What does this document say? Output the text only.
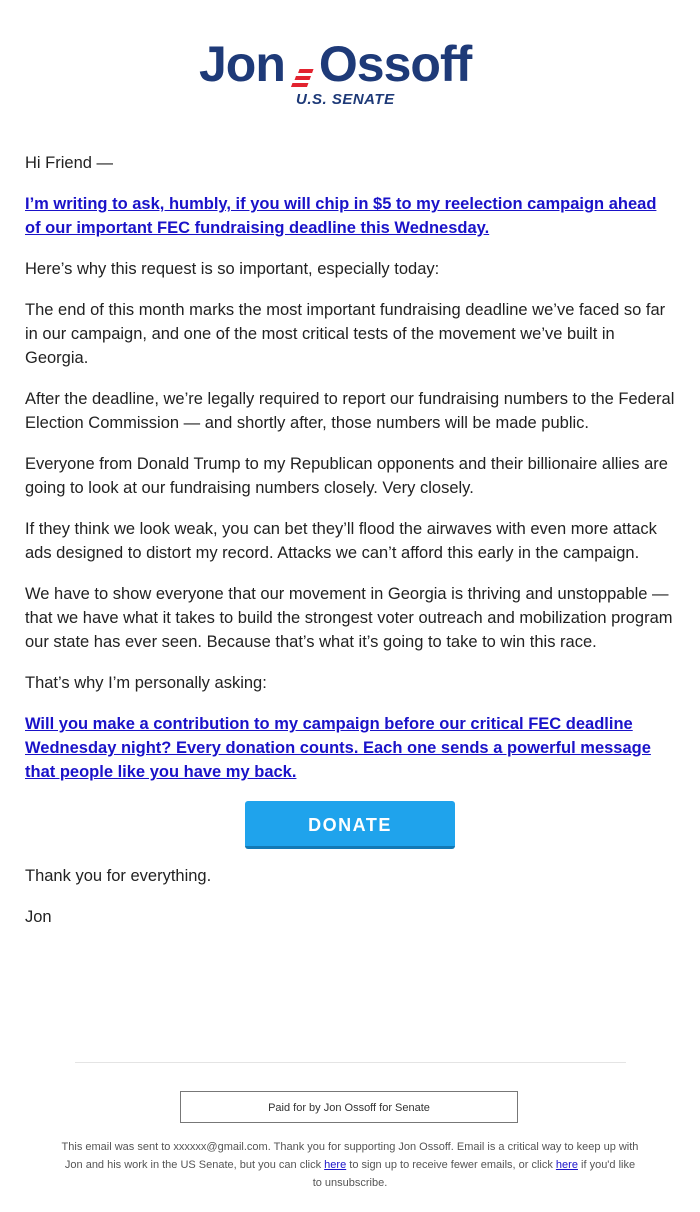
Jon Ossoff
U.S. SENATE

Hi Friend —

I’m writing to ask, humbly, if you will chip in $5 to my reelection campaign ahead of our important FEC fundraising deadline this Wednesday.

Here’s why this request is so important, especially today:

The end of this month marks the most important fundraising deadline we’ve faced so far in our campaign, and one of the most critical tests of the movement we’ve built in Georgia.

After the deadline, we’re legally required to report our fundraising numbers to the Federal Election Commission — and shortly after, those numbers will be made public.

Everyone from Donald Trump to my Republican opponents and their billionaire allies are going to look at our fundraising numbers closely. Very closely.

If they think we look weak, you can bet they’ll flood the airwaves with even more attack ads designed to distort my record. Attacks we can’t afford this early in the campaign.

We have to show everyone that our movement in Georgia is thriving and unstoppable — that we have what it takes to build the strongest voter outreach and mobilization program our state has ever seen. Because that’s what it’s going to take to win this race.

That’s why I’m personally asking:

Will you make a contribution to my campaign before our critical FEC deadline Wednesday night? Every donation counts. Each one sends a powerful message that people like you have my back.

DONATE

Thank you for everything.

Jon

Paid for by Jon Ossoff for Senate
This email was sent to xxxxxx@gmail.com. Thank you for supporting Jon Ossoff. Email is a critical way to keep up with Jon and his work in the US Senate, but you can click here to sign up to receive fewer emails, or click here if you'd like to unsubscribe.
